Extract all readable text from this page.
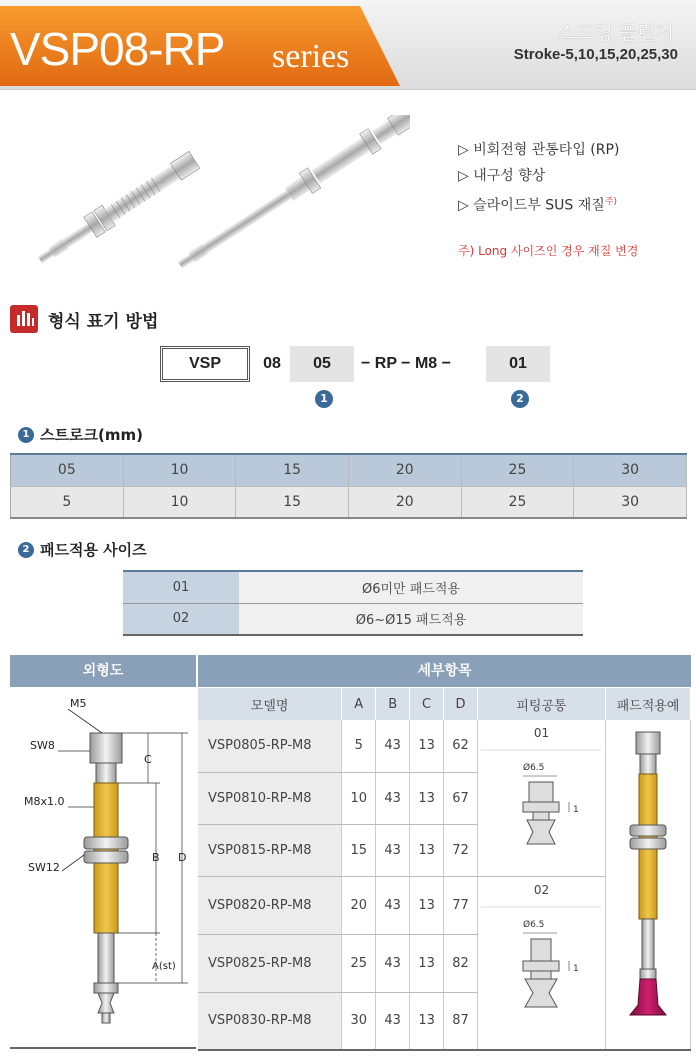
VSP08-RP series
스프링 플런저
Stroke-5,10,15,20,25,30
▷ 비회전형 관통타입 (RP)
▷ 내구성 향상
▷ 슬라이드부 SUS 재질$^{주)}$
주) Long 사이즈인 경우 재질 변경
형식 표기 방법
VSP	08	05	− RP − M8 −	01
1	2
1 스트로크(mm)
05	10	15	20	25	30
5	10	15	20	25	30
2 패드적용 사이즈
01	Ø6미만 패드적용
02	Ø6~Ø15 패드적용
외형도	세부항목
M5
SW8
M8x1.0
SW12
C
B D
A(st)
모델명	A	B	C	D	피팅공통	패드적용예
VSP0805-RP-M8	5	43	13	62	01
Ø6.5
1

VSP0810-RP-M8	10	43	13	67		
VSP0815-RP-M8	15	43	13	72		
VSP0820-RP-M8	20	43	13	77	02
Ø6.5
1	

VSP0825-RP-M8	25	43	13	82		
VSP0830-RP-M8	30	43	13	87		
